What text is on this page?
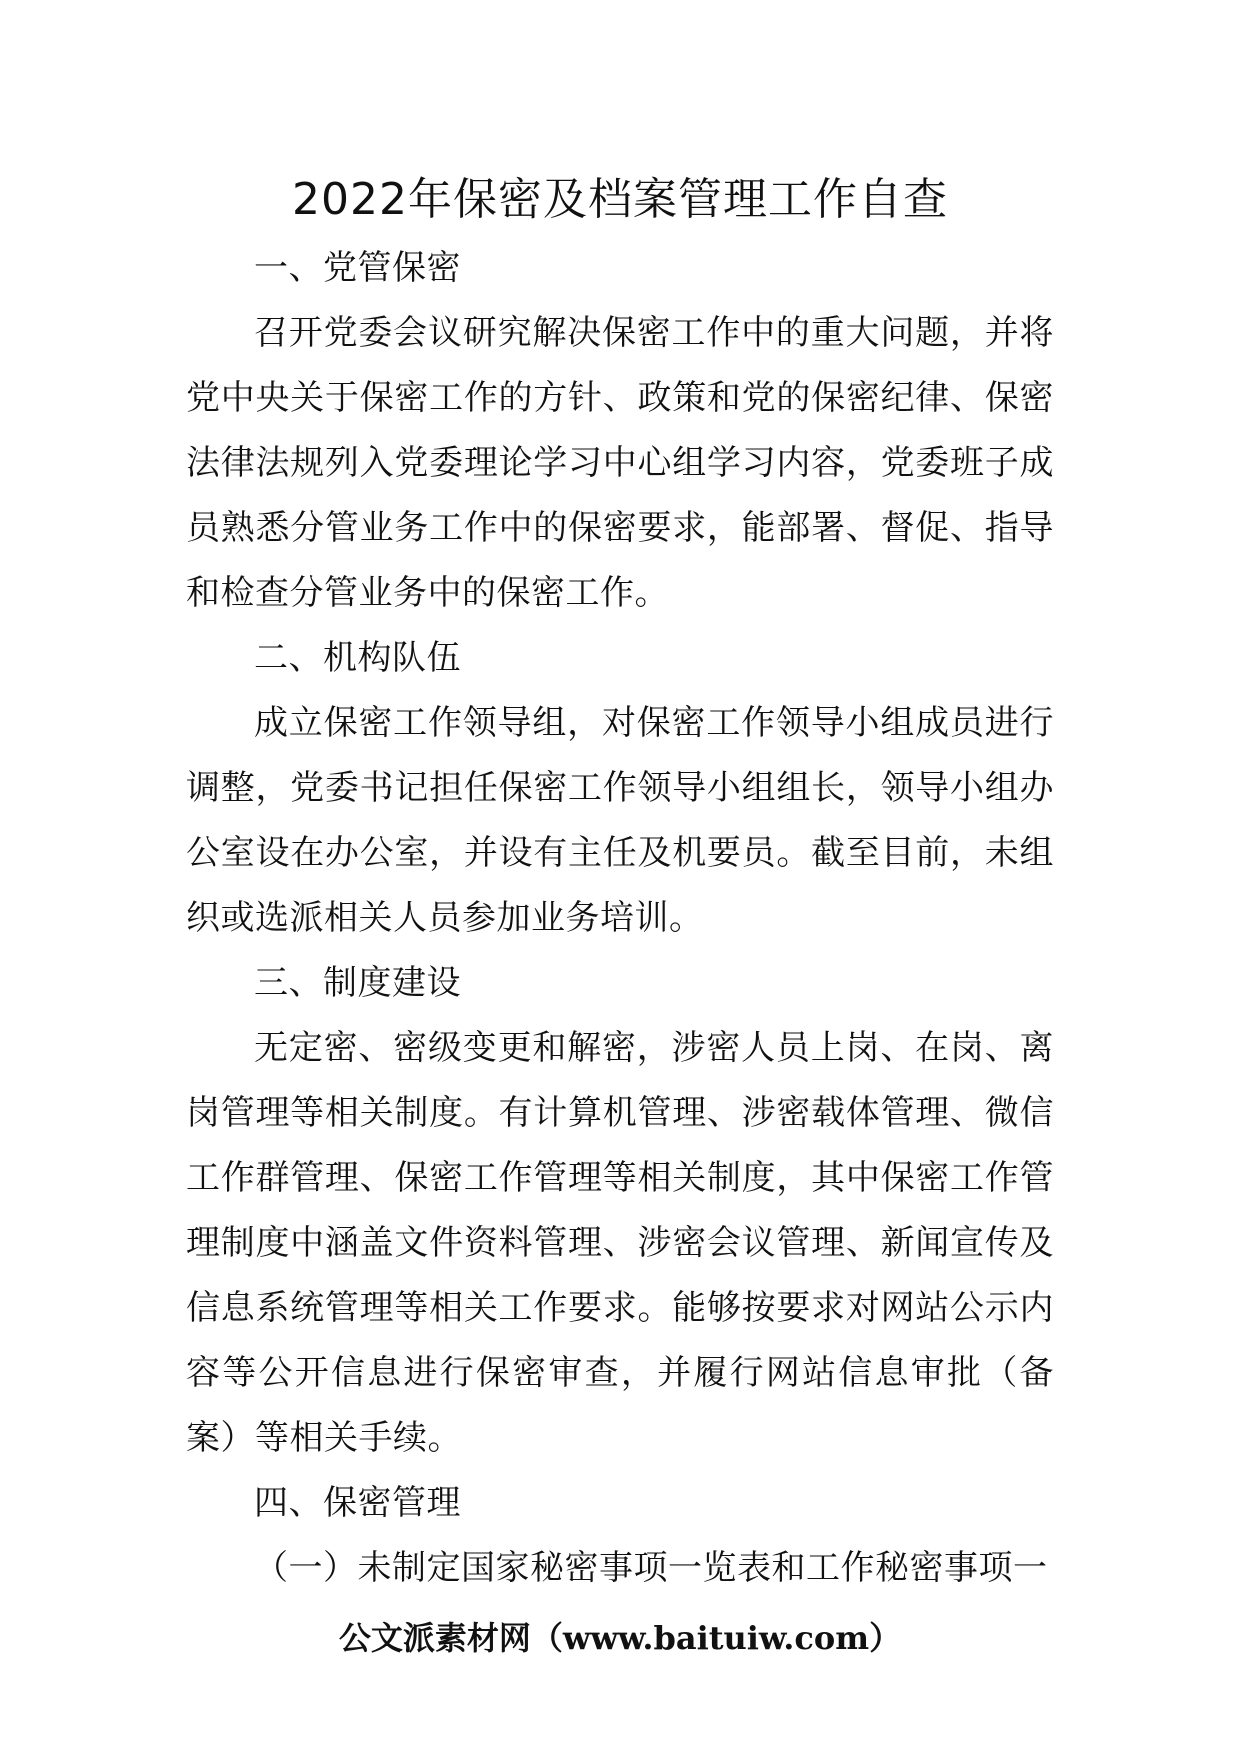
2022年保密及档案管理工作自查

一、党管保密

召开党委会议研究解决保密工作中的重大问题，并将党中央关于保密工作的方针、政策和党的保密纪律、保密法律法规列入党委理论学习中心组学习内容，党委班子成员熟悉分管业务工作中的保密要求，能部署、督促、指导和检查分管业务中的保密工作。

二、机构队伍

成立保密工作领导组，对保密工作领导小组成员进行调整，党委书记担任保密工作领导小组组长，领导小组办公室设在办公室，并设有主任及机要员。截至目前，未组织或选派相关人员参加业务培训。

三、制度建设

无定密、密级变更和解密，涉密人员上岗、在岗、离岗管理等相关制度。有计算机管理、涉密载体管理、微信工作群管理、保密工作管理等相关制度，其中保密工作管理制度中涵盖文件资料管理、涉密会议管理、新闻宣传及信息系统管理等相关工作要求。能够按要求对网站公示内容等公开信息进行保密审查，并履行网站信息审批（备案）等相关手续。

四、保密管理

（一）未制定国家秘密事项一览表和工作秘密事项一

公文派素材网（www.baituiw.com）
